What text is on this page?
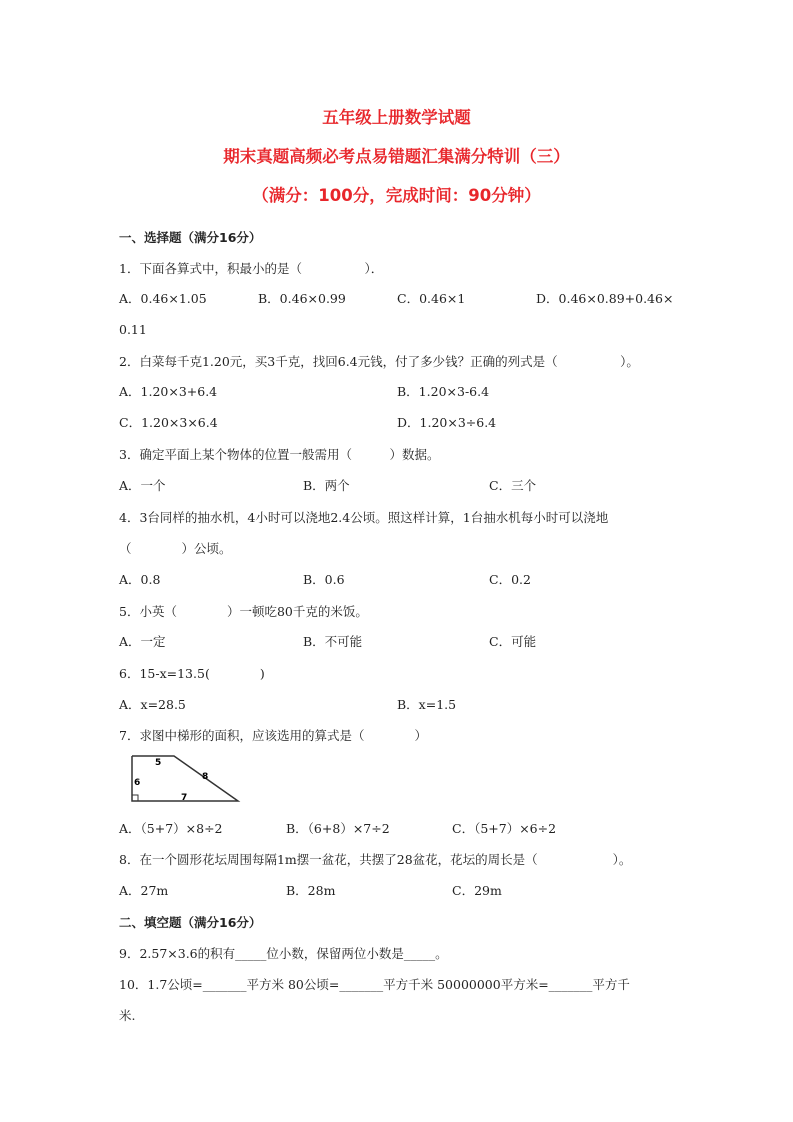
五年级上册数学试题
期末真题高频必考点易错题汇集满分特训（三）
（满分：100分，完成时间：90分钟）
一、选择题（满分16分）
1．下面各算式中，积最小的是（　　　　　）．
A．0.46×1.05	B．0.46×0.99	C．0.46×1	D．0.46×0.89+0.46×
0.11
2．白菜每千克1.20元，买3千克，找回6.4元钱，付了多少钱？正确的列式是（　　　　　）。
A．1.20×3+6.4	B．1.20×3-6.4
C．1.20×3×6.4	D．1.20×3÷6.4
3．确定平面上某个物体的位置一般需用（　　　）数据。
A．一个	B．两个	C．三个
4．3台同样的抽水机，4小时可以浇地2.4公顷。照这样计算，1台抽水机每小时可以浇地
（　　　　）公顷。
A．0.8	B．0.6	C．0.2
5．小英（　　　　）一顿吃80千克的米饭。
A．一定	B．不可能	C．可能
6．15-x=13.5(　　　　)
A．x=28.5	B．x=1.5
7．求图中梯形的面积，应该选用的算式是（　　　　）
5
8
6
7
A．（5+7）×8÷2	B．（6+8）×7÷2	C．（5+7）×6÷2
8．在一个圆形花坛周围每隔1m摆一盆花，共摆了28盆花，花坛的周长是（　　　　　　）。
A．27m	B．28m	C．29m
二、填空题（满分16分）
9．2.57×3.6的积有_____位小数，保留两位小数是_____。
10．1.7公顷=_______平方米 80公顷=_______平方千米 50000000平方米=_______平方千
米.
